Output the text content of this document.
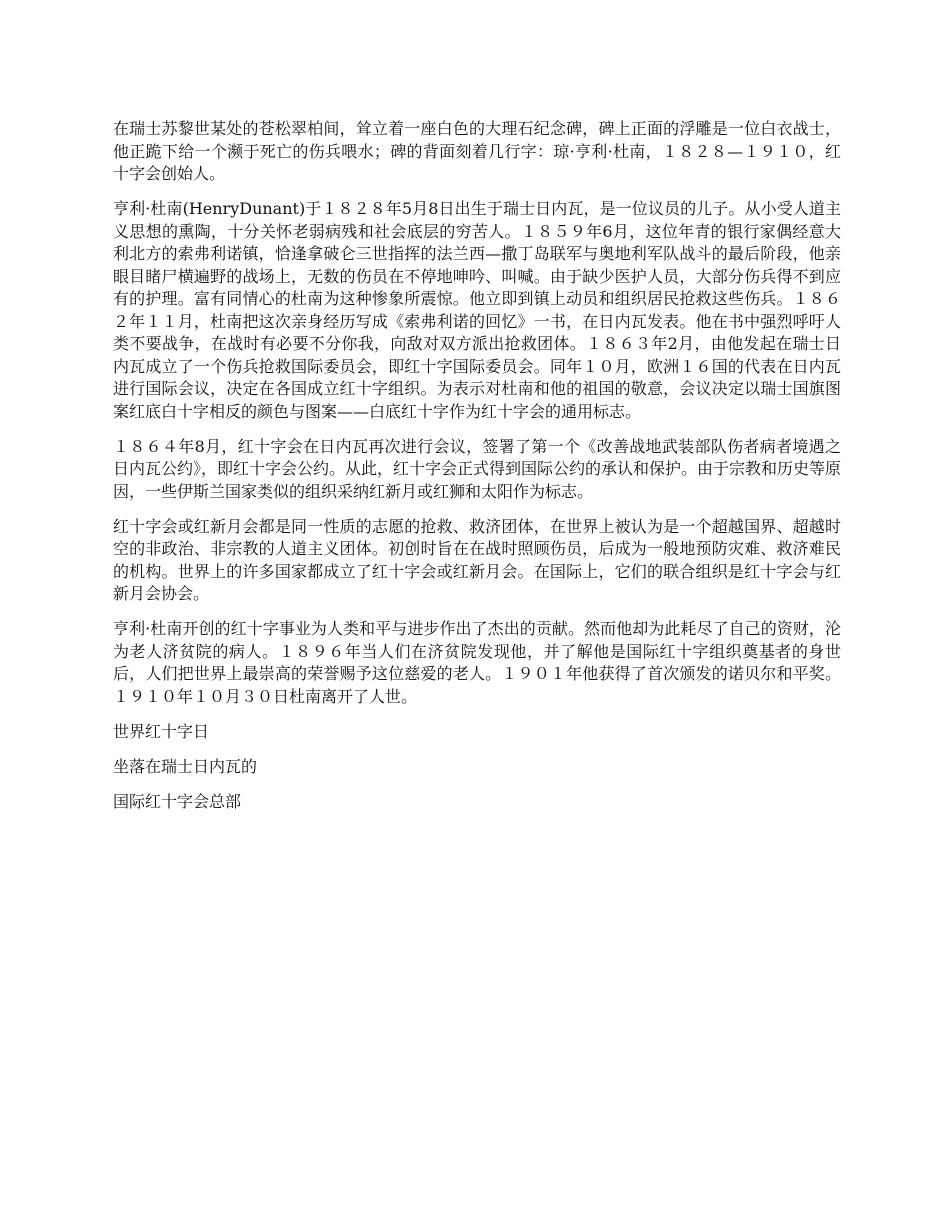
在瑞士苏黎世某处的苍松翠柏间，耸立着一座白色的大理石纪念碑，碑上正面的浮雕是一位白衣战士，他正跪下给一个濒于死亡的伤兵喂水；碑的背面刻着几行字：琼·亨利·杜南，１８２８—１９１０，红十字会创始人。

亨利·杜南(HenryDunant)于１８２８年5月8日出生于瑞士日内瓦，是一位议员的儿子。从小受人道主义思想的熏陶，十分关怀老弱病残和社会底层的穷苦人。１８５９年6月，这位年青的银行家偶经意大利北方的索弗利诺镇，恰逢拿破仑三世指挥的法兰西—撒丁岛联军与奥地利军队战斗的最后阶段，他亲眼目睹尸横遍野的战场上，无数的伤员在不停地呻吟、叫喊。由于缺少医护人员，大部分伤兵得不到应有的护理。富有同情心的杜南为这种惨象所震惊。他立即到镇上动员和组织居民抢救这些伤兵。１８６２年１１月，杜南把这次亲身经历写成《索弗利诺的回忆》一书，在日内瓦发表。他在书中强烈呼吁人类不要战争，在战时有必要不分你我，向敌对双方派出抢救团体。１８６３年2月，由他发起在瑞士日内瓦成立了一个伤兵抢救国际委员会，即红十字国际委员会。同年１０月，欧洲１６国的代表在日内瓦进行国际会议，决定在各国成立红十字组织。为表示对杜南和他的祖国的敬意，会议决定以瑞士国旗图案红底白十字相反的颜色与图案——白底红十字作为红十字会的通用标志。

１８６４年8月，红十字会在日内瓦再次进行会议，签署了第一个《改善战地武装部队伤者病者境遇之日内瓦公约》，即红十字会公约。从此，红十字会正式得到国际公约的承认和保护。由于宗教和历史等原因，一些伊斯兰国家类似的组织采纳红新月或红狮和太阳作为标志。

红十字会或红新月会都是同一性质的志愿的抢救、救济团体，在世界上被认为是一个超越国界、超越时空的非政治、非宗教的人道主义团体。初创时旨在在战时照顾伤员，后成为一般地预防灾难、救济难民的机构。世界上的许多国家都成立了红十字会或红新月会。在国际上，它们的联合组织是红十字会与红新月会协会。

亨利·杜南开创的红十字事业为人类和平与进步作出了杰出的贡献。然而他却为此耗尽了自己的资财，沦为老人济贫院的病人。１８９６年当人们在济贫院发现他，并了解他是国际红十字组织奠基者的身世后，人们把世界上最崇高的荣誉赐予这位慈爱的老人。１９０１年他获得了首次颁发的诺贝尔和平奖。１９１０年１０月３０日杜南离开了人世。

世界红十字日

坐落在瑞士日内瓦的

国际红十字会总部
